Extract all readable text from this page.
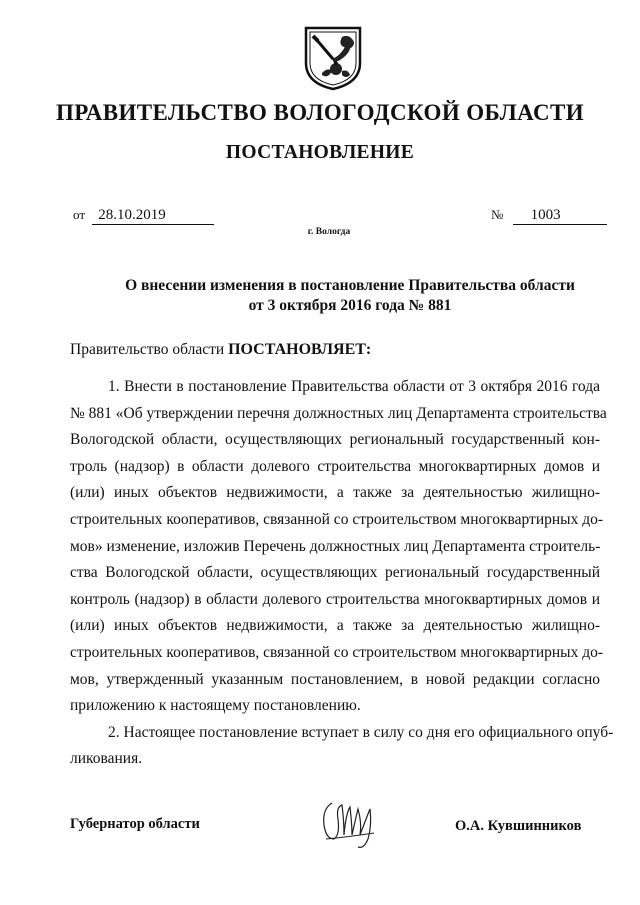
ПРАВИТЕЛЬСТВО ВОЛОГОДСКОЙ ОБЛАСТИ
ПОСТАНОВЛЕНИЕ
от 28.10.2019	№ 1003
г. Вологда
О внесении изменения в постановление Правительства области
от 3 октября 2016 года № 881
Правительство области ПОСТАНОВЛЯЕТ:
1. Внести в постановление Правительства области от 3 октября 2016 года
№ 881 «Об утверждении перечня должностных лиц Департамента строительства
Вологодской области, осуществляющих региональный государственный кон-
троль (надзор) в области долевого строительства многоквартирных домов и
(или) иных объектов недвижимости, а также за деятельностью жилищно-
строительных кооперативов, связанной со строительством многоквартирных до-
мов» изменение, изложив Перечень должностных лиц Департамента строитель-
ства Вологодской области, осуществляющих региональный государственный
контроль (надзор) в области долевого строительства многоквартирных домов и
(или) иных объектов недвижимости, а также за деятельностью жилищно-
строительных кооперативов, связанной со строительством многоквартирных до-
мов, утвержденный указанным постановлением, в новой редакции согласно
приложению к настоящему постановлению.
2. Настоящее постановление вступает в силу со дня его официального опуб-
ликования.
Губернатор области	О.А. Кувшинников
